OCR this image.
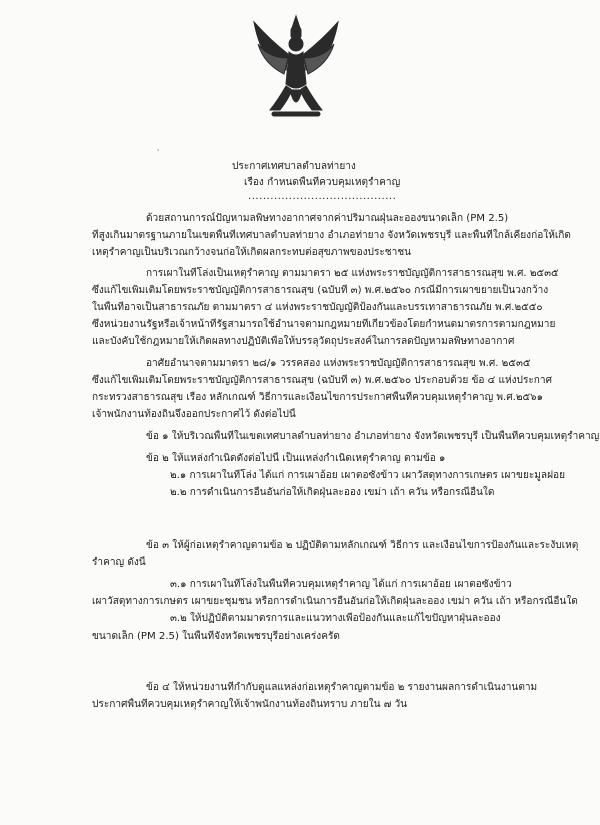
'
ประกาศเทศบาลตำบลท่ายาง
เรื่อง กำหนดพื้นที่ควบคุมเหตุรำคาญ
........................................
ด้วยสถานการณ์ปัญหามลพิษทางอากาศจากค่าปริมาณฝุ่นละอองขนาดเล็ก (PM 2.5)
ที่สูงเกินมาตรฐานภายในเขตพื้นที่เทศบาลตำบลท่ายาง อำเภอท่ายาง จังหวัดเพชรบุรี และพื้นที่ใกล้เคียงก่อให้เกิด
เหตุรำคาญเป็นบริเวณกว้างจนก่อให้เกิดผลกระทบต่อสุขภาพของประชาชน
การเผาในที่โล่งเป็นเหตุรำคาญ ตามมาตรา ๒๕ แห่งพระราชบัญญัติการสาธารณสุข พ.ศ. ๒๕๓๕
ซึ่งแก้ไขเพิ่มเติมโดยพระราชบัญญัติการสาธารณสุข (ฉบับที่ ๓) พ.ศ.๒๕๖๐ กรณีมีการเผาขยายเป็นวงกว้าง
ในพื้นที่อาจเป็นสาธารณภัย ตามมาตรา ๔ แห่งพระราชบัญญัติป้องกันและบรรเทาสาธารณภัย พ.ศ.๒๕๕๐
ซึ่งหน่วยงานรัฐหรือเจ้าหน้าที่รัฐสามารถใช้อำนาจตามกฎหมายที่เกี่ยวข้องโดยกำหนดมาตรการตามกฎหมาย
และบังคับใช้กฎหมายให้เกิดผลทางปฏิบัติเพื่อให้บรรลุวัตถุประสงค์ในการลดปัญหามลพิษทางอากาศ
อาศัยอำนาจตามมาตรา ๒๘/๑ วรรคสอง แห่งพระราชบัญญัติการสาธารณสุข พ.ศ. ๒๕๓๕
ซึ่งแก้ไขเพิ่มเติมโดยพระราชบัญญัติการสาธารณสุข (ฉบับที่ ๓) พ.ศ.๒๕๖๐ ประกอบด้วย ข้อ ๔ แห่งประกาศ
กระทรวงสาธารณสุข เรื่อง หลักเกณฑ์ วิธีการและเงื่อนไขการประกาศพื้นที่ควบคุมเหตุรำคาญ พ.ศ.๒๕๖๑
เจ้าพนักงานท้องถิ่นจึงออกประกาศไว้ ดังต่อไปนี้
ข้อ ๑ ให้บริเวณพื้นที่ในเขตเทศบาลตำบลท่ายาง อำเภอท่ายาง จังหวัดเพชรบุรี เป็นพื้นที่ควบคุมเหตุรำคาญ
ข้อ ๒ ให้แหล่งกำเนิดดังต่อไปนี้ เป็นแหล่งกำเนิดเหตุรำคาญ ตามข้อ ๑
๒.๑ การเผาในที่โล่ง ได้แก่ การเผาอ้อย เผาตอซังข้าว เผาวัสดุทางการเกษตร เผาขยะมูลฝอย
๒.๒ การดำเนินการอื่นอันก่อให้เกิดฝุ่นละออง เขม่า เถ้า ควัน หรือกรณีอื่นใด
ข้อ ๓ ให้ผู้ก่อเหตุรำคาญตามข้อ ๒ ปฏิบัติตามหลักเกณฑ์ วิธีการ และเงื่อนไขการป้องกันและระงับเหตุ
รำคาญ ดังนี้
๓.๑ การเผาในที่โล่งในพื้นที่ควบคุมเหตุรำคาญ ได้แก่ การเผาอ้อย เผาตอซังข้าว
เผาวัสดุทางการเกษตร เผาขยะชุมชน หรือการดำเนินการอื่นอันก่อให้เกิดฝุ่นละออง เขม่า ควัน เถ้า หรือกรณีอื่นใด
๓.๒ ให้ปฏิบัติตามมาตรการและแนวทางเพื่อป้องกันและแก้ไขปัญหาฝุ่นละออง
ขนาดเล็ก (PM 2.5) ในพื้นที่จังหวัดเพชรบุรีอย่างเคร่งครัด
ข้อ ๔ ให้หน่วยงานที่กำกับดูแลแหล่งก่อเหตุรำคาญตามข้อ ๒ รายงานผลการดำเนินงานตาม
ประกาศพื้นที่ควบคุมเหตุรำคาญให้เจ้าพนักงานท้องถิ่นทราบ ภายใน ๗ วัน
